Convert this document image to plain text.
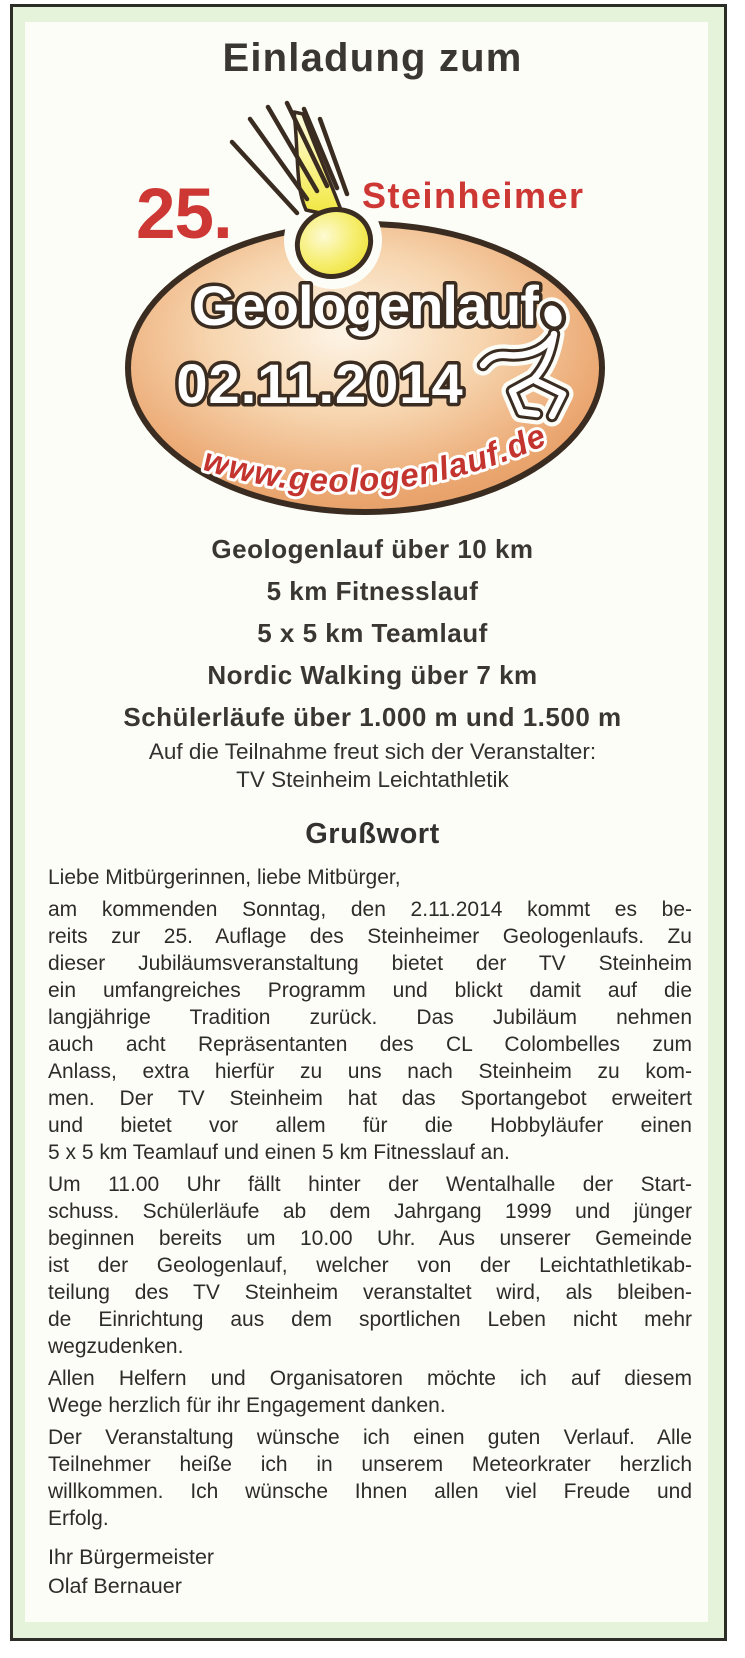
Einladung zum
25.	Steinheimer
Geologenlauf
02.11.2014
www.geologenlauf.de
Geologenlauf über 10 km
5 km Fitnesslauf
5 x 5 km Teamlauf
Nordic Walking über 7 km
Schülerläufe über 1.000 m und 1.500 m
Auf die Teilnahme freut sich der Veranstalter:
TV Steinheim Leichtathletik
Grußwort
Liebe Mitbürgerinnen, liebe Mitbürger,
am kommenden Sonntag, den 2.11.2014 kommt es be-
reits zur 25. Auflage des Steinheimer Geologenlaufs. Zu
dieser Jubiläumsveranstaltung bietet der TV Steinheim
ein umfangreiches Programm und blickt damit auf die
langjährige Tradition zurück. Das Jubiläum nehmen
auch acht Repräsentanten des CL Colombelles zum
Anlass, extra hierfür zu uns nach Steinheim zu kom-
men. Der TV Steinheim hat das Sportangebot erweitert
und bietet vor allem für die Hobbyläufer einen
5 x 5 km Teamlauf und einen 5 km Fitnesslauf an.
Um 11.00 Uhr fällt hinter der Wentalhalle der Start-
schuss. Schülerläufe ab dem Jahrgang 1999 und jünger
beginnen bereits um 10.00 Uhr. Aus unserer Gemeinde
ist der Geologenlauf, welcher von der Leichtathletikab-
teilung des TV Steinheim veranstaltet wird, als bleiben-
de Einrichtung aus dem sportlichen Leben nicht mehr
wegzudenken.
Allen Helfern und Organisatoren möchte ich auf diesem
Wege herzlich für ihr Engagement danken.
Der Veranstaltung wünsche ich einen guten Verlauf. Alle
Teilnehmer heiße ich in unserem Meteorkrater herzlich
willkommen. Ich wünsche Ihnen allen viel Freude und
Erfolg.
Ihr Bürgermeister
Olaf Bernauer
